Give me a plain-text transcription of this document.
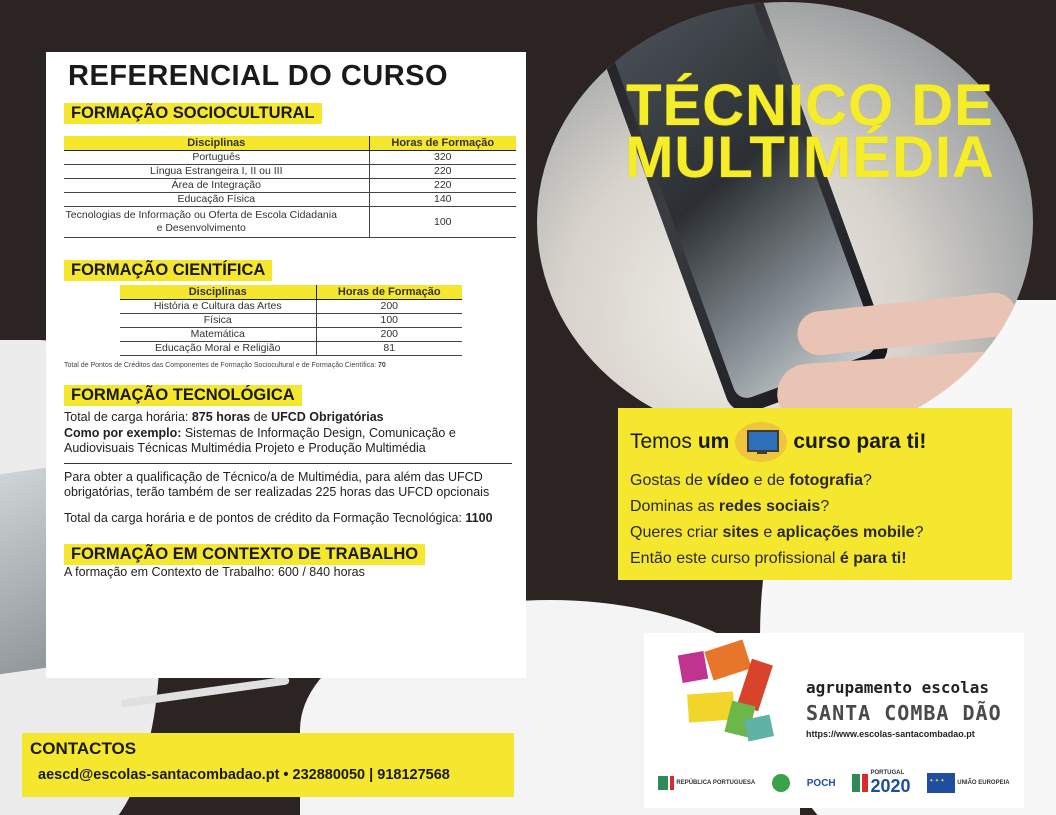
REFERENCIAL DO CURSO
FORMAÇÃO SOCIOCULTURAL
Disciplinas	Horas de Formação
Português	320
Língua Estrangeira I, II ou III	220
Área de Integração	220
Educação Física	140
Tecnologias de Informação ou Oferta de Escola Cidadania e Desenvolvimento	100
FORMAÇÃO CIENTÍFICA
Disciplinas	Horas de Formação
História e Cultura das Artes	200
Física	100
Matemática	200
Educação Moral e Religião	81
Total de Pontos de Créditos das Componentes de Formação Sociocultural e de Formação Científica: 70
FORMAÇÃO TECNOLÓGICA
Total de carga horária: 875 horas de UFCD Obrigatórias
Como por exemplo: Sistemas de Informação Design, Comunicação e Audiovisuais Técnicas Multimédia Projeto e Produção Multimédia
Para obter a qualificação de Técnico/a de Multimédia, para além das UFCD obrigatórias, terão também de ser realizadas 225 horas das UFCD opcionais
Total da carga horária e de pontos de crédito da Formação Tecnológica: 1100
FORMAÇÃO EM CONTEXTO DE TRABALHO
A formação em Contexto de Trabalho: 600 / 840 horas
TÉCNICO DE
MULTIMÉDIA
Temos um	curso para ti!
Gostas de vídeo e de fotografia?
Dominas as redes sociais?
Queres criar sites e aplicações mobile?
Então este curso profissional é para ti!
agrupamento escolas
SANTA COMBA DÃO
https://www.escolas-santacombadao.pt
REPÚBLICA PORTUGUESA	POCH
PORTUGAL
2020 ✦ ✦ ✦	UNIÃO EUROPEIA
CONTACTOS
aescd@escolas-santacombadao.pt • 232880050 | 918127568
